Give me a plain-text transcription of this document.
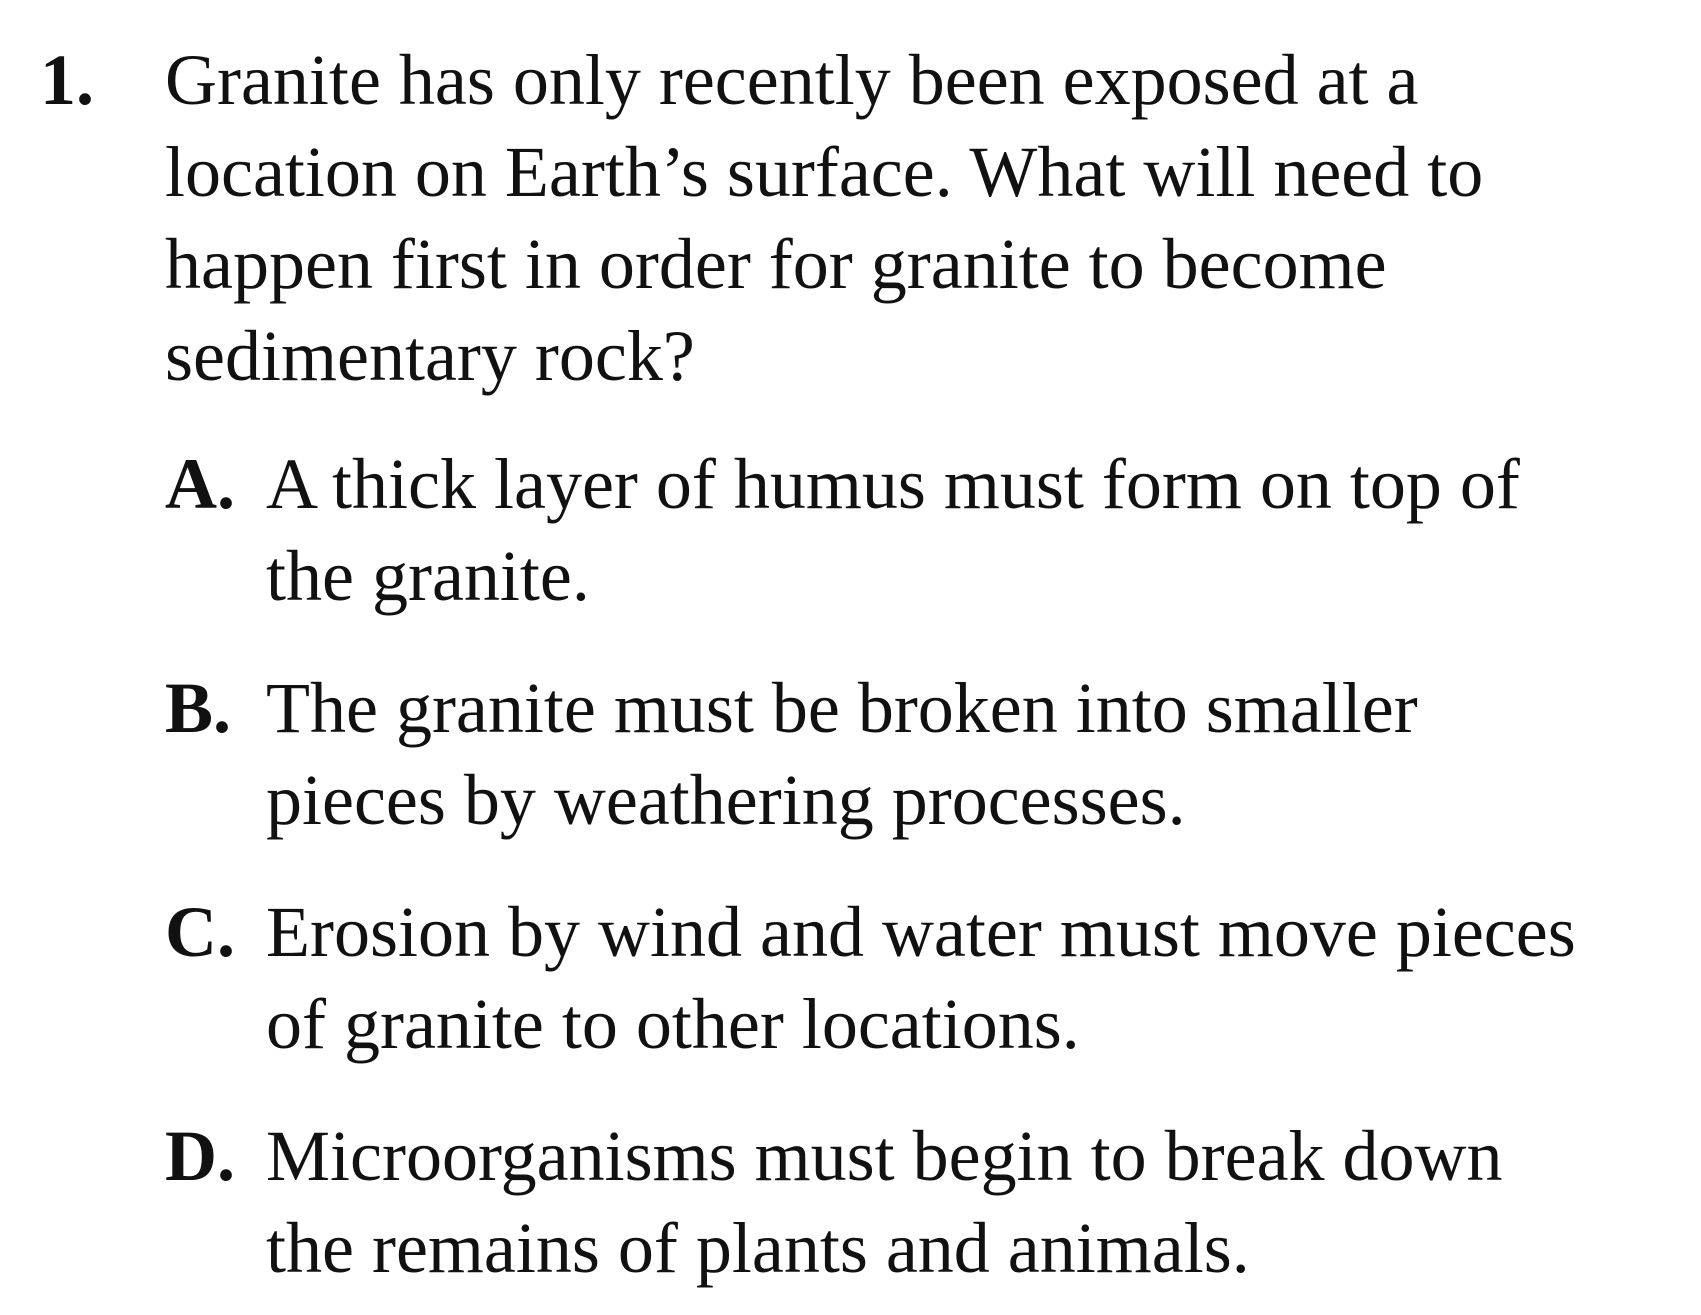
1. Granite has only recently been exposed at a
location on Earth’s surface. What will need to
happen first in order for granite to become
sedimentary rock?
A. A thick layer of humus must form on top of
the granite.
B. The granite must be broken into smaller
pieces by weathering processes.
C. Erosion by wind and water must move pieces
of granite to other locations.
D. Microorganisms must begin to break down
the remains of plants and animals.
